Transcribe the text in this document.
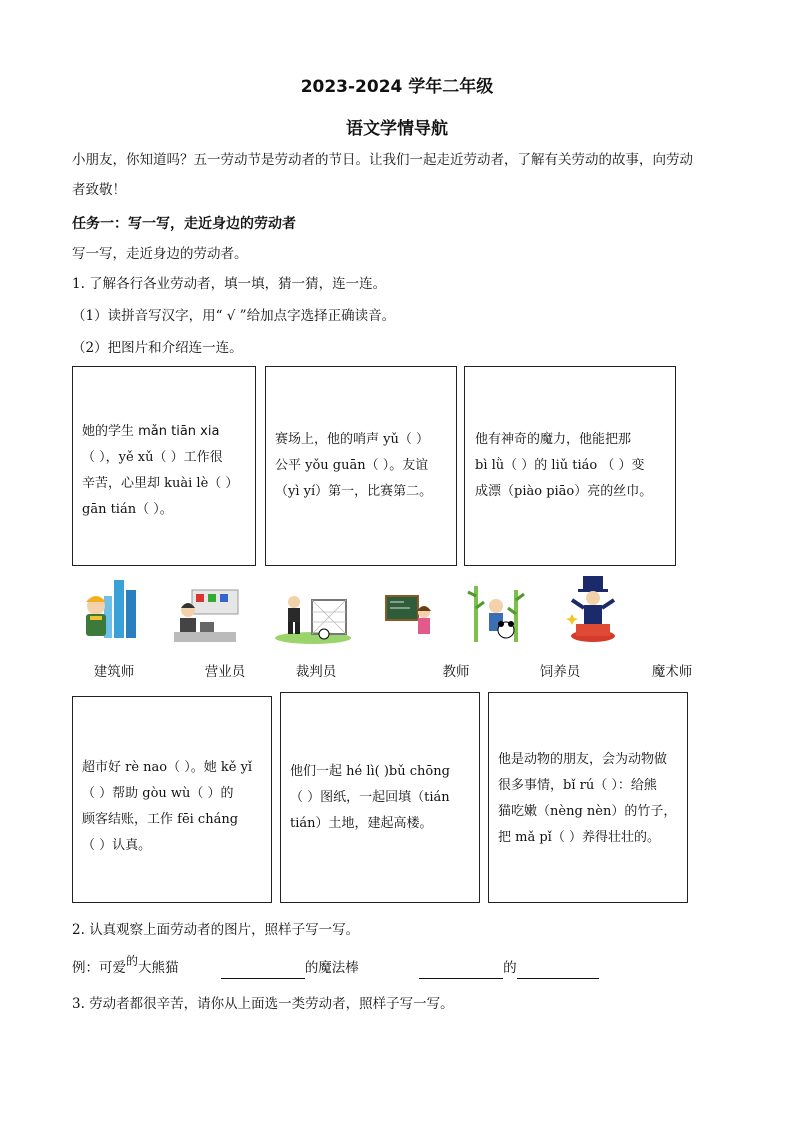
2023-2024 学年二年级
语文学情导航
小朋友，你知道吗？五一劳动节是劳动者的节日。让我们一起走近劳动者，了解有关劳动的故事，向劳动
者致敬！
任务一：写一写，走近身边的劳动者
写一写，走近身边的劳动者。
1. 了解各行各业劳动者，填一填，猜一猜，连一连。
（1）读拼音写汉字，用“ √ ”给加点字选择正确读音。
（2）把图片和介绍连一连。
她的学生 mǎn tiān xia
（ ），yě xǔ（ ）工作很
辛苦，心里却 kuài lè（ ）
gān tián（ ）。
赛场上，他的哨声 yǔ（ ）
公平 yǒu guān（ ）。友谊
（yì yí）第一，比赛第二。
他有神奇的魔力，他能把那
bì lǜ（ ）的 liǔ tiáo （ ）变
成漂（piào piāo）亮的丝巾。
建筑师	营业员	裁判员	教师	饲养员	魔术师
超市好 rè nao（ ）。她 kě yǐ
（ ）帮助 gòu wù（ ）的
顾客结账，工作 fēi cháng
（ ）认真。
他们一起 hé lì( )bǔ chōng
（ ）图纸，一起回填（tián
tián）土地，建起高楼。
他是动物的朋友，会为动物做
很多事情，bǐ rú（ ）：给熊
猫吃嫩（nèng nèn）的竹子，
把 mǎ pǐ（ ）养得壮壮的。
2. 认真观察上面劳动者的图片，照样子写一写。
例：可爱的大熊猫	的魔法棒	的
3. 劳动者都很辛苦，请你从上面选一类劳动者，照样子写一写。
